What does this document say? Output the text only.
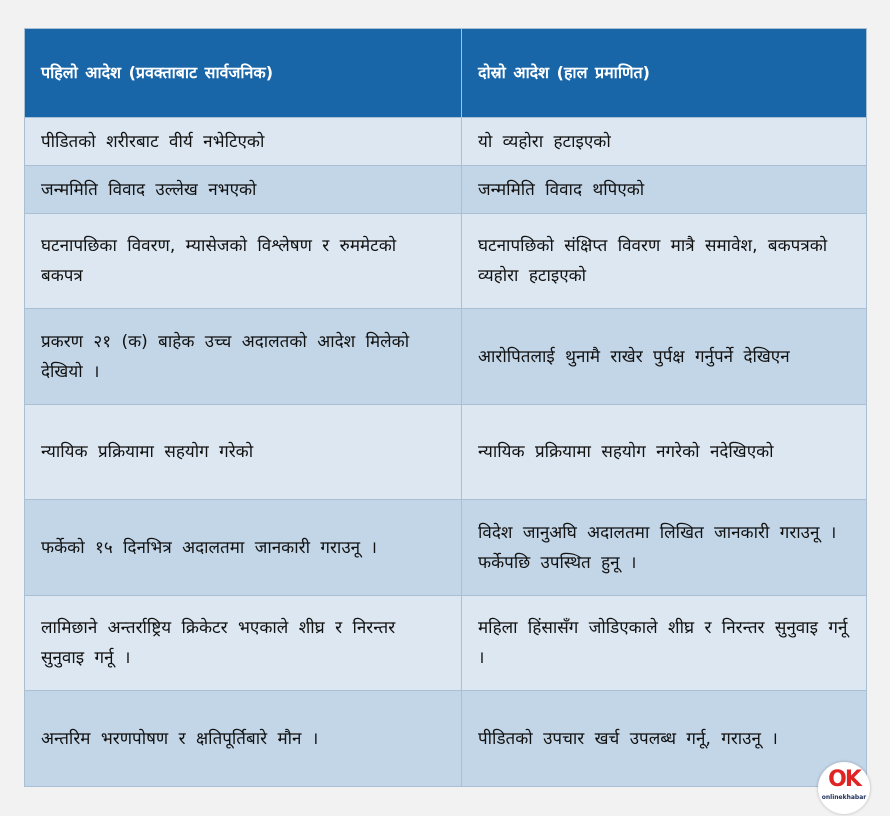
पहिलो आदेश (प्रवक्ताबाट सार्वजनिक)	दोस्रो आदेश (हाल प्रमाणित)
पीडितको शरीरबाट वीर्य नभेटिएको	यो व्यहोरा हटाइएको
जन्ममिति विवाद उल्लेख नभएको	जन्ममिति विवाद थपिएको
घटनापछिका विवरण, म्यासेजको विश्लेषण र रुममेटको बकपत्र	घटनापछिको संक्षिप्त विवरण मात्रै समावेश, बकपत्रको व्यहोरा हटाइएको
प्रकरण २१ (क) बाहेक उच्च अदालतको आदेश मिलेको देखियो ।	आरोपितलाई थुनामै राखेर पुर्पक्ष गर्नुपर्ने देखिएन
न्यायिक प्रक्रियामा सहयोग गरेको	न्यायिक प्रक्रियामा सहयोग नगरेको नदेखिएको
फर्केको १५ दिनभित्र अदालतमा जानकारी गराउनू ।	विदेश जानुअघि अदालतमा लिखित जानकारी गराउनू । फर्केपछि उपस्थित हुनू ।
लामिछाने अन्तर्राष्ट्रिय क्रिकेटर भएकाले शीघ्र र निरन्तर सुनुवाइ गर्नू ।	महिला हिंसासँग जोडिएकाले शीघ्र र निरन्तर सुनुवाइ गर्नू ।
अन्तरिम भरणपोषण र क्षतिपूर्तिबारे मौन ।	पीडितको उपचार खर्च उपलब्ध गर्नू, गराउनू ।
OK
onlinekhabar
